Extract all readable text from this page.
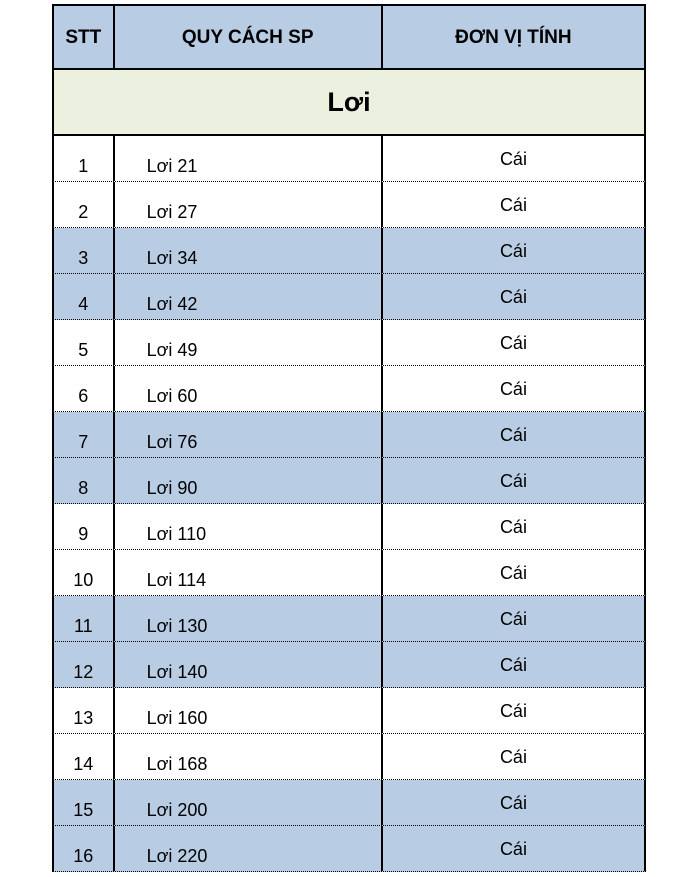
STT	QUY CÁCH SP	ĐƠN VỊ TÍNH
Lơi
1	Lơi 21	Cái
2	Lơi 27	Cái
3	Lơi 34	Cái
4	Lơi 42	Cái
5	Lơi 49	Cái
6	Lơi 60	Cái
7	Lơi 76	Cái
8	Lơi 90	Cái
9	Lơi 110	Cái
10	Lơi 114	Cái
11	Lơi 130	Cái
12	Lơi 140	Cái
13	Lơi 160	Cái
14	Lơi 168	Cái
15	Lơi 200	Cái
16	Lơi 220	Cái
